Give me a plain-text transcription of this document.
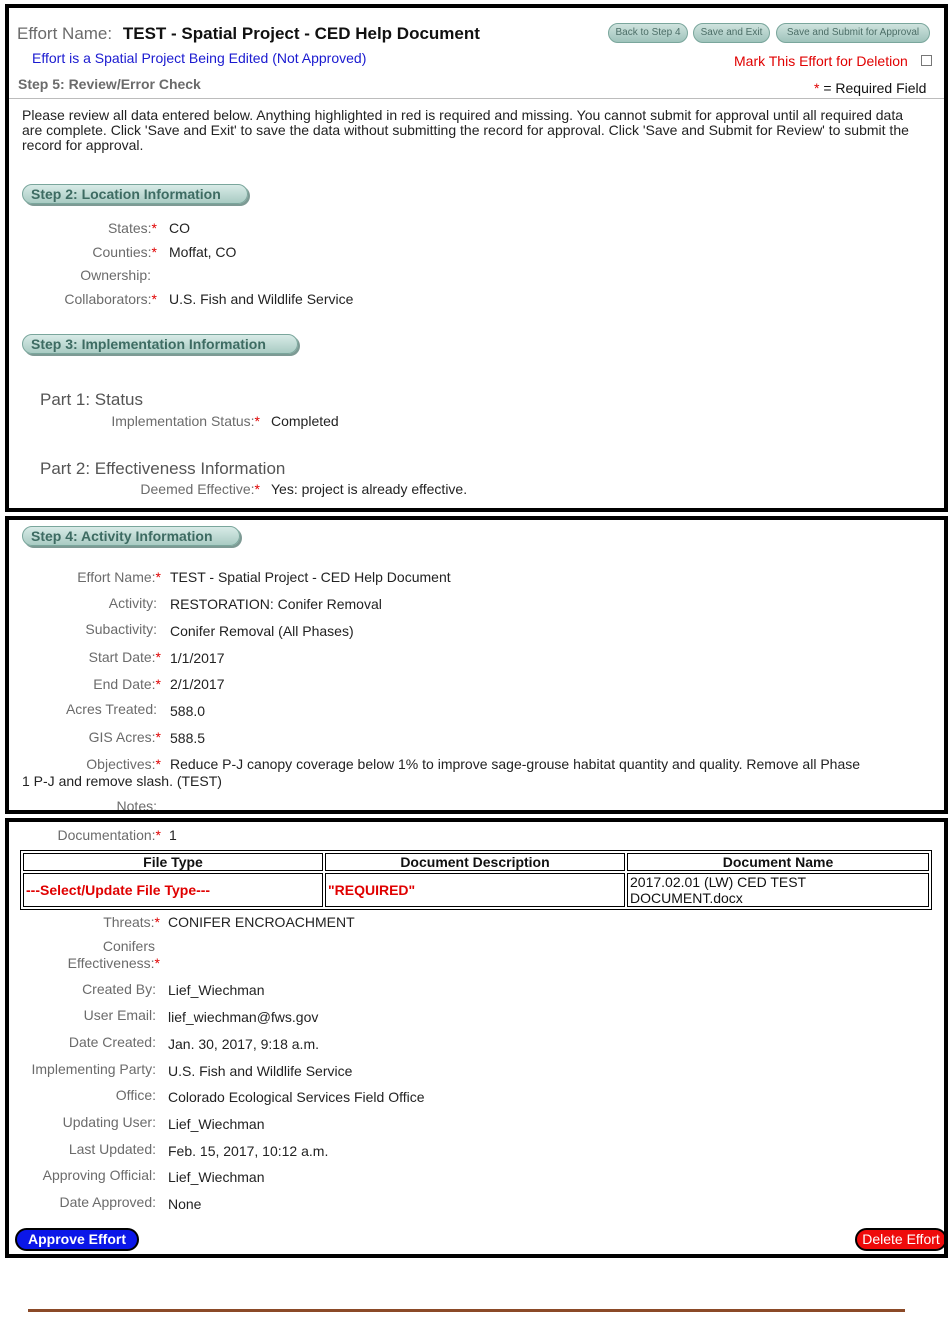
Effort Name: TEST - Spatial Project - CED Help Document	Back to Step 4	Save and Exit	Save and Submit for Approval
Effort is a Spatial Project Being Edited (Not Approved)	Mark This Effort for Deletion
Step 5: Review/Error Check	* = Required Field
Please review all data entered below. Anything highlighted in red is required and missing. You cannot submit for approval until all required data are complete. Click 'Save and Exit' to save the data without submitting the record for approval. Click 'Save and Submit for Review' to submit the record for approval.
Step 2: Location Information
States:* CO
Counties:* Moffat, CO
Ownership:
Collaborators:* U.S. Fish and Wildlife Service
Step 3: Implementation Information
Part 1: Status
Implementation Status:* Completed
Part 2: Effectiveness Information
Deemed Effective:* Yes: project is already effective.
Step 4: Activity Information
Effort Name:* TEST - Spatial Project - CED Help Document
Activity: RESTORATION: Conifer Removal
Subactivity: Conifer Removal (All Phases)
Start Date:* 1/1/2017
End Date:* 2/1/2017
Acres Treated: 588.0
GIS Acres:* 588.5
Objectives:* Reduce P-J canopy coverage below 1% to improve sage-grouse habitat quantity and quality. Remove all Phase
1 P-J and remove slash. (TEST)
Notes:
Documentation:* 1
File Type	Document Description	Document Name
---Select/Update File Type---	"REQUIRED"	2017.02.01 (LW) CED TEST
DOCUMENT.docx
Threats:* CONIFER ENCROACHMENT
Conifers
Effectiveness:*
Created By: Lief_Wiechman
User Email: lief_wiechman@fws.gov
Date Created: Jan. 30, 2017, 9:18 a.m.
Implementing Party: U.S. Fish and Wildlife Service
Office: Colorado Ecological Services Field Office
Updating User: Lief_Wiechman
Last Updated: Feb. 15, 2017, 10:12 a.m.
Approving Official: Lief_Wiechman
Date Approved: None
Approve Effort	Delete Effort
